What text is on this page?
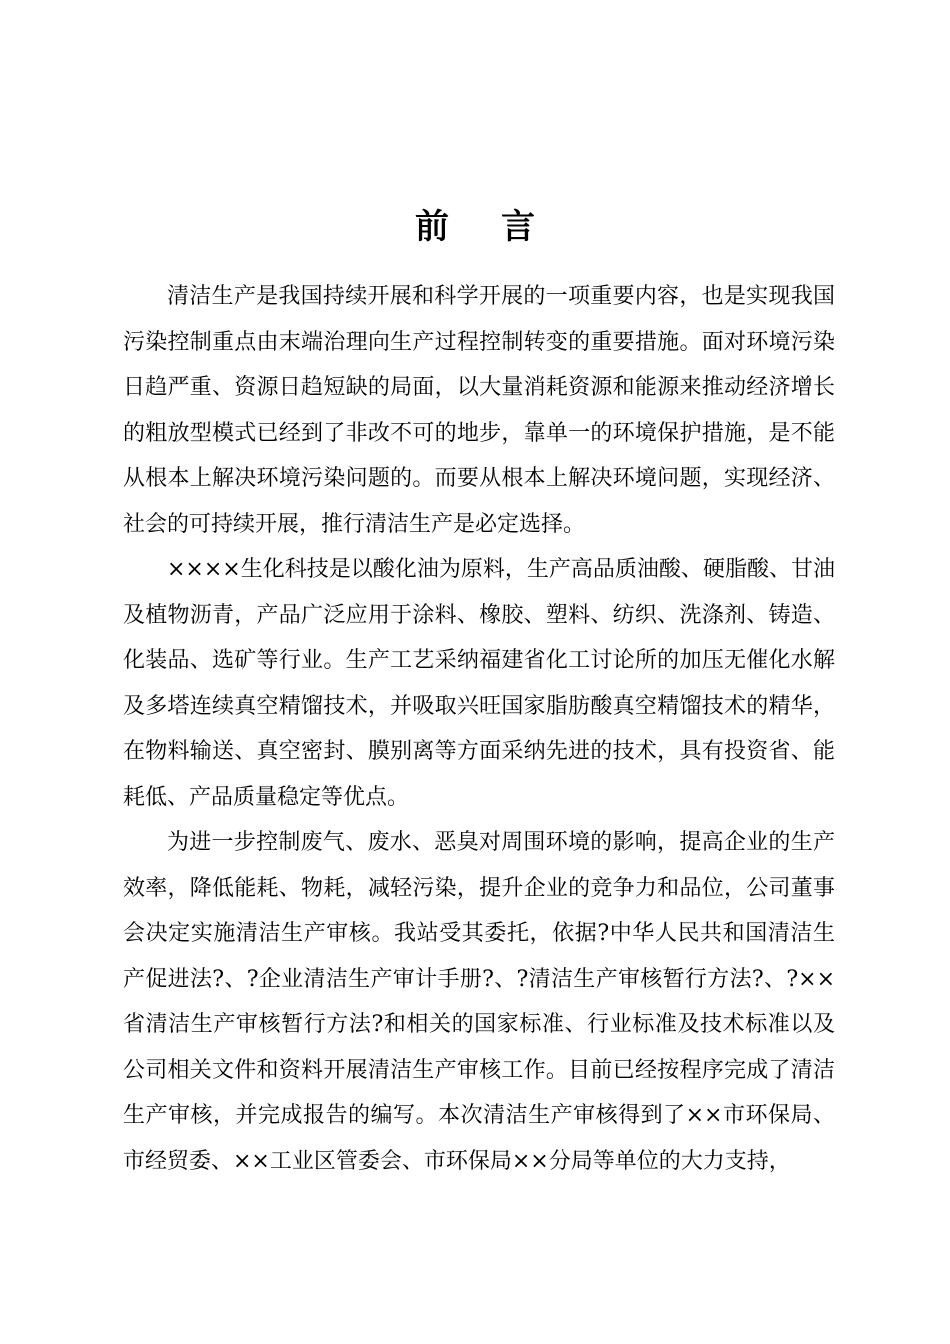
前言

清洁生产是我国持续开展和科学开展的一项重要内容，也是实现我国污染控制重点由末端治理向生产过程控制转变的重要措施。面对环境污染日趋严重、资源日趋短缺的局面，以大量消耗资源和能源来推动经济增长的粗放型模式已经到了非改不可的地步，靠单一的环境保护措施，是不能从根本上解决环境污染问题的。而要从根本上解决环境问题，实现经济、社会的可持续开展，推行清洁生产是必定选择。

××××生化科技是以酸化油为原料，生产高品质油酸、硬脂酸、甘油及植物沥青，产品广泛应用于涂料、橡胶、塑料、纺织、洗涤剂、铸造、化装品、选矿等行业。生产工艺采纳福建省化工讨论所的加压无催化水解及多塔连续真空精馏技术，并吸取兴旺国家脂肪酸真空精馏技术的精华，在物料输送、真空密封、膜别离等方面采纳先进的技术，具有投资省、能耗低、产品质量稳定等优点。

为进一步控制废气、废水、恶臭对周围环境的影响，提高企业的生产效率，降低能耗、物耗，减轻污染，提升企业的竞争力和品位，公司董事会决定实施清洁生产审核。我站受其委托，依据?中华人民共和国清洁生产促进法?、?企业清洁生产审计手册?、?清洁生产审核暂行方法?、?××省清洁生产审核暂行方法?和相关的国家标准、行业标准及技术标准以及公司相关文件和资料开展清洁生产审核工作。目前已经按程序完成了清洁生产审核，并完成报告的编写。本次清洁生产审核得到了××市环保局、市经贸委、××工业区管委会、市环保局××分局等单位的大力支持，
